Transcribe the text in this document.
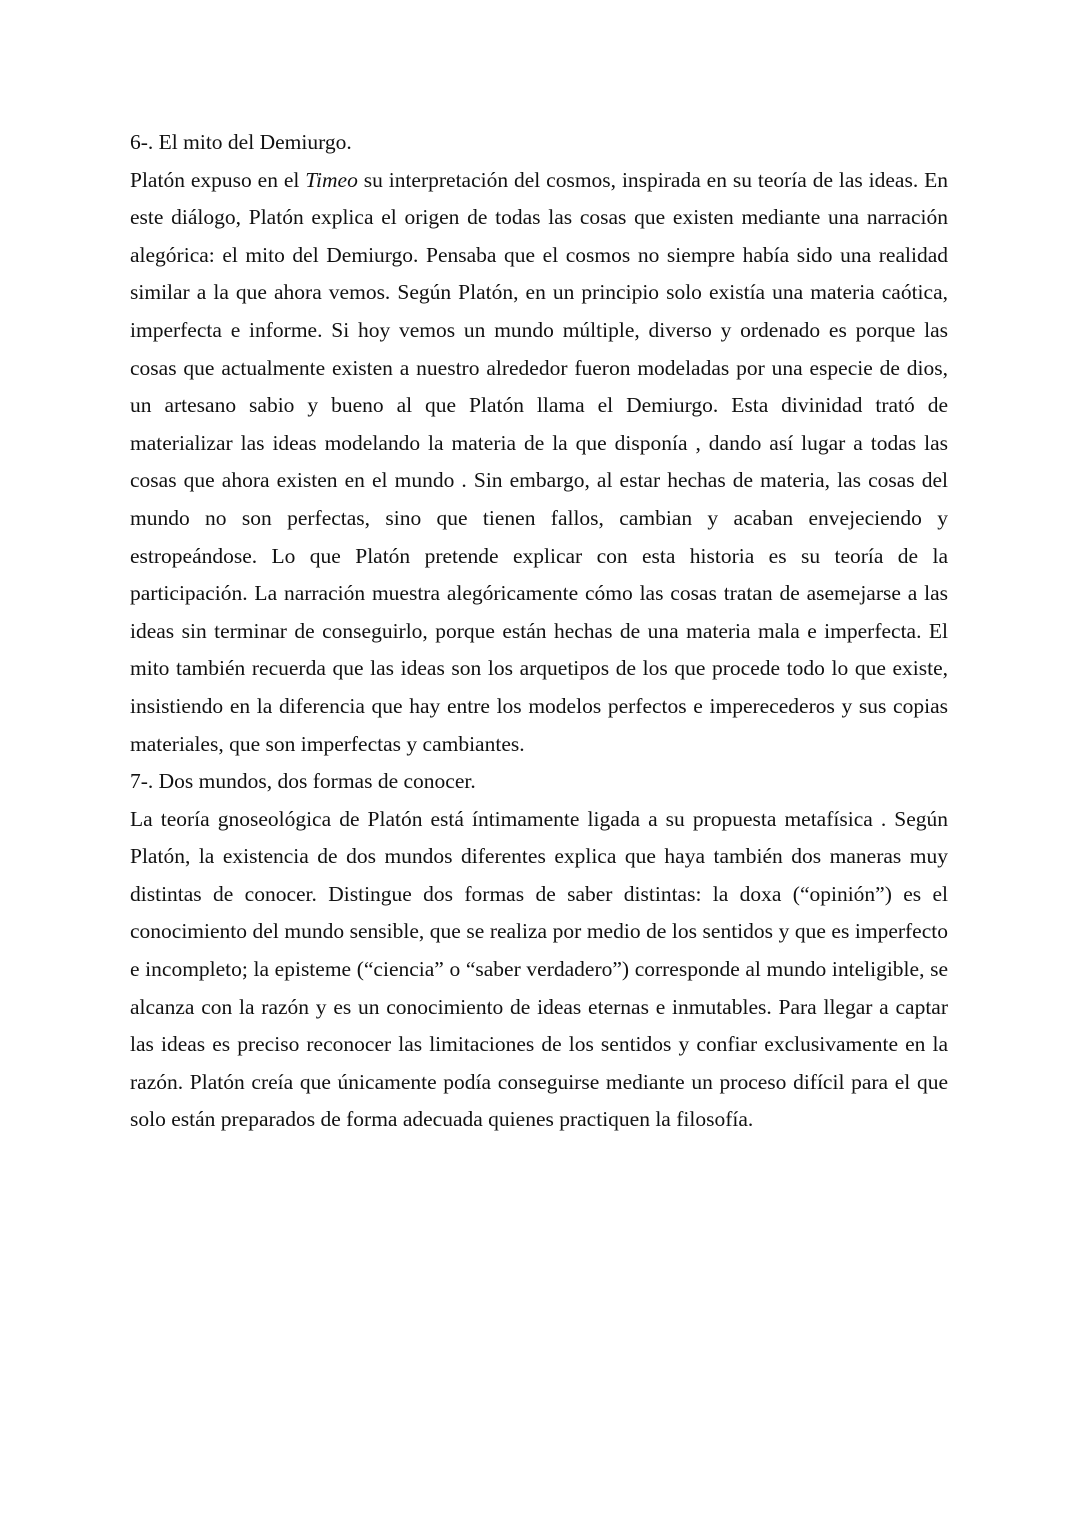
6-. El mito del Demiurgo.

Platón expuso en el Timeo su interpretación del cosmos, inspirada en su teoría de las ideas. En este diálogo, Platón explica el origen de todas las cosas que existen mediante una narración alegórica: el mito del Demiurgo. Pensaba que el cosmos no siempre había sido una realidad similar a la que ahora vemos. Según Platón, en un principio solo existía una materia caótica, imperfecta e informe. Si hoy vemos un mundo múltiple, diverso y ordenado es porque las cosas que actualmente existen a nuestro alrededor fueron modeladas por una especie de dios, un artesano sabio y bueno al que Platón llama el Demiurgo. Esta divinidad trató de materializar las ideas modelando la materia de la que disponía , dando así lugar a todas las cosas que ahora existen en el mundo . Sin embargo, al estar hechas de materia, las cosas del mundo no son perfectas, sino que tienen fallos, cambian y acaban envejeciendo y estropeándose. Lo que Platón pretende explicar con esta historia es su teoría de la participación. La narración muestra alegóricamente cómo las cosas tratan de asemejarse a las ideas sin terminar de conseguirlo, porque están hechas de una materia mala e imperfecta. El mito también recuerda que las ideas son los arquetipos de los que procede todo lo que existe, insistiendo en la diferencia que hay entre los modelos perfectos e imperecederos y sus copias materiales, que son imperfectas y cambiantes.

7-. Dos mundos, dos formas de conocer.

La teoría gnoseológica de Platón está íntimamente ligada a su propuesta metafísica . Según Platón, la existencia de dos mundos diferentes explica que haya también dos maneras muy distintas de conocer. Distingue dos formas de saber distintas: la doxa (“opinión”) es el conocimiento del mundo sensible, que se realiza por medio de los sentidos y que es imperfecto e incompleto; la episteme (“ciencia” o “saber verdadero”) corresponde al mundo inteligible, se alcanza con la razón y es un conocimiento de ideas eternas e inmutables. Para llegar a captar las ideas es preciso reconocer las limitaciones de los sentidos y confiar exclusivamente en la razón. Platón creía que únicamente podía conseguirse mediante un proceso difícil para el que solo están preparados de forma adecuada quienes practiquen la filosofía.
